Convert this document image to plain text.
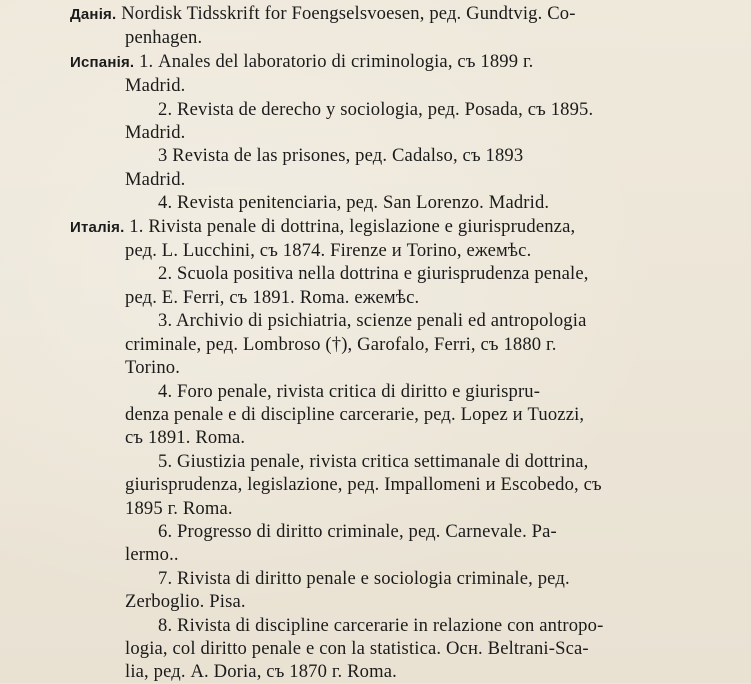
Данія. Nordisk Tidsskrift for Foengselsvoesen, ред. Gundtvig. Co-
penhagen.

Испанія. 1. Anales del laboratorio di criminologia, съ 1899 г.
Madrid.

2. Revista de derecho y sociologia, ред. Posada, съ 1895.
Madrid.

3 Revista de las prisones, ред. Cadalso, съ 1893
Madrid.

4. Revista penitenciaria, ред. San Lorenzo. Madrid.

Италія. 1. Rivista penale di dottrina, legislazione e giurisprudenza,
ред. L. Lucchini, съ 1874. Firenze и Torino, ежемѣс.

2. Scuola positiva nella dottrina e giurisprudenza penale,
ред. E. Ferri, съ 1891. Roma. ежемѣс.

3. Archivio di psichiatria, scienze penali ed antropologia
criminale, ред. Lombroso (†), Garofalo, Ferri, съ 1880 г.
Torino.

4. Foro penale, rivista critica di diritto e giurispru-
denza penale e di discipline carcerarie, ред. Lopez и Tuozzi,
съ 1891. Roma.

5. Giustizia penale, rivista critica settimanale di dottrina,
giurisprudenza, legislazione, ред. Impallomeni и Escobedo, съ
1895 г. Roma.

6. Progresso di diritto criminale, ред. Carnevale. Pa-
lermo..

7. Rivista di diritto penale e sociologia criminale, ред.
Zerboglio. Pisa.

8. Rivista di discipline carcerarie in relazione con antropo-
logia, col diritto penale e con la statistica. Осн. Beltrani-Sca-
lia, ред. A. Doria, съ 1870 г. Roma.
